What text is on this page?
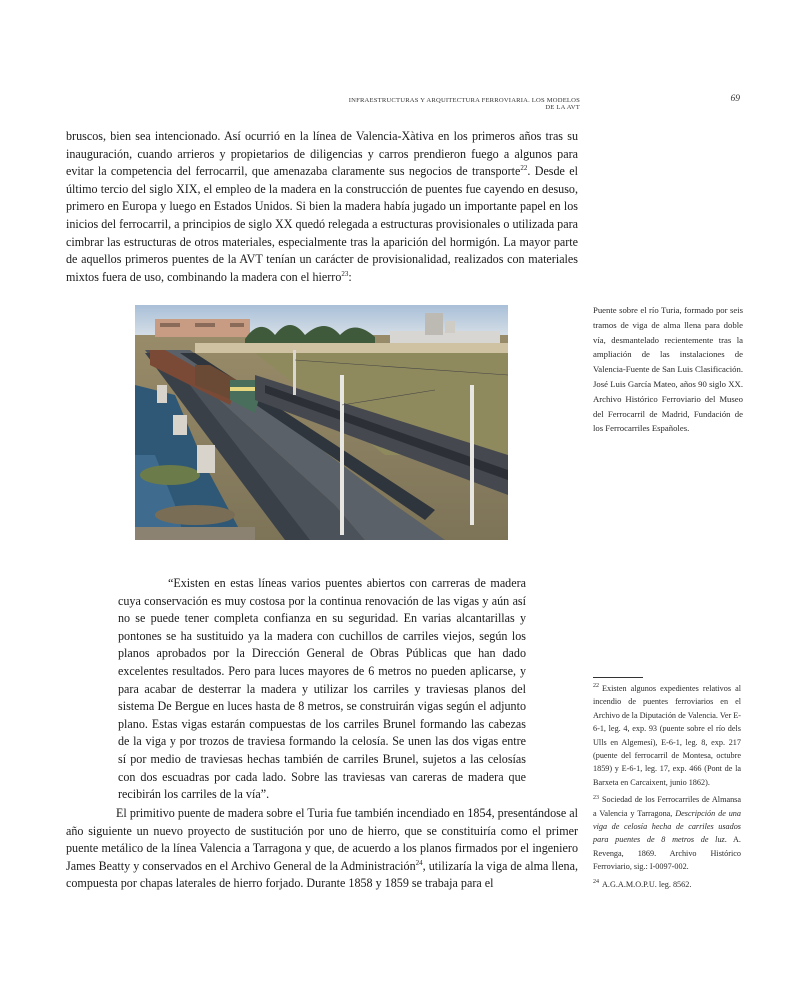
INFRAESTRUCTURAS Y ARQUITECTURA FERROVIARIA. LOS MODELOS DE LA AVT
69

bruscos, bien sea intencionado. Así ocurrió en la línea de Valencia-Xàtiva en los primeros años tras su inauguración, cuando arrieros y propietarios de diligencias y carros prendieron fuego a algunos para evitar la competencia del ferrocarril, que amenazaba claramente sus negocios de transporte$^{22}$. Desde el último tercio del siglo XIX, el empleo de la madera en la construcción de puentes fue cayendo en desuso, primero en Europa y luego en Estados Unidos. Si bien la madera había jugado un importante papel en los inicios del ferrocarril, a principios de siglo XX quedó relegada a estructuras provisionales o utilizada para cimbrar las estructuras de otros materiales, especialmente tras la aparición del hormigón. La mayor parte de aquellos primeros puentes de la AVT tenían un carácter de provisionalidad, realizados con materiales mixtos fuera de uso, combinando la madera con el hierro$^{23}$:

Puente sobre el río Turia, formado por seis tramos de viga de alma llena para doble vía, desmantelado recientemente tras la ampliación de las instalaciones de Valencia-Fuente de San Luis Clasificación. José Luis García Mateo, años 90 siglo XX. Archivo Histórico Ferroviario del Museo del Ferrocarril de Madrid, Fundación de los Ferrocarriles Españoles.

“Existen en estas líneas varios puentes abiertos con carreras de madera cuya conservación es muy costosa por la continua renovación de las vigas y aún así no se puede tener completa confianza en su seguridad. En varias alcantarillas y pontones se ha sustituido ya la madera con cuchillos de carriles viejos, según los planos aprobados por la Dirección General de Obras Públicas que han dado excelentes resultados. Pero para luces mayores de 6 metros no pueden aplicarse, y para acabar de desterrar la madera y utilizar los carriles y traviesas planos del sistema De Bergue en luces hasta de 8 metros, se construirán vigas según el adjunto plano. Estas vigas estarán compuestas de los carriles Brunel formando las cabezas de la viga y por trozos de traviesa formando la celosía. Se unen las dos vigas entre sí por medio de traviesas hechas también de carriles Brunel, sujetos a las celosías con dos escuadras por cada lado. Sobre las traviesas van careras de madera que recibirán los carriles de la vía”.

$^{22}$ Existen algunos expedientes relativos al incendio de puentes ferroviarios en el Archivo de la Diputación de Valencia. Ver E-6-1, leg. 4, exp. 93 (puente sobre el río dels Ulls en Algemesí), E-6-1, leg. 8, exp. 217 (puente del ferrocarril de Montesa, octubre 1859) y E-6-1, leg. 17, exp. 466 (Pont de la Barxeta en Carcaixent, junio 1862).

$^{23}$ Sociedad de los Ferrocarriles de Almansa a Valencia y Tarragona, Descripción de una viga de celosía hecha de carriles usados para puentes de 8 metros de luz. A. Revenga, 1869. Archivo Histórico Ferroviario, sig.: I-0097-002.

$^{24}$ A.G.A.M.O.P.U. leg. 8562.

El primitivo puente de madera sobre el Turia fue también incendiado en 1854, presentándose al año siguiente un nuevo proyecto de sustitución por uno de hierro, que se constituiría como el primer puente metálico de la línea Valencia a Tarragona y que, de acuerdo a los planos firmados por el ingeniero James Beatty y conservados en el Archivo General de la Administración$^{24}$, utilizaría la viga de alma llena, compuesta por chapas laterales de hierro forjado. Durante 1858 y 1859 se trabaja para el
